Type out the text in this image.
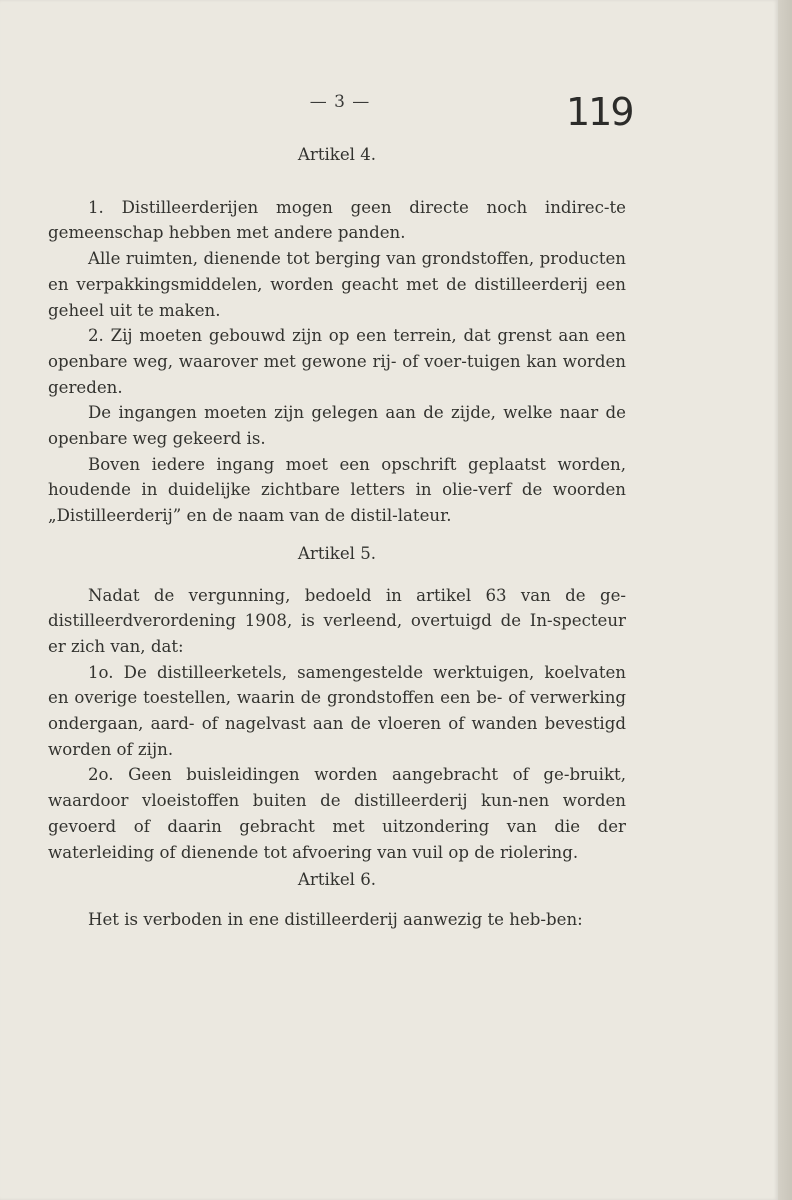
— 3 —	119

Artikel 4.

1. Distilleerderijen mogen geen directe noch indirec-te gemeenschap hebben met andere panden.

Alle ruimten, dienende tot berging van grondstoffen, producten en verpakkingsmiddelen, worden geacht met de distilleerderij een geheel uit te maken.

2. Zij moeten gebouwd zijn op een terrein, dat grenst aan een openbare weg, waarover met gewone rij- of voer-tuigen kan worden gereden.

De ingangen moeten zijn gelegen aan de zijde, welke naar de openbare weg gekeerd is.

Boven iedere ingang moet een opschrift geplaatst worden, houdende in duidelijke zichtbare letters in olie-verf de woorden „Distilleerderij” en de naam van de distil-lateur.

Artikel 5.

Nadat de vergunning, bedoeld in artikel 63 van de ge-distilleerdverordening 1908, is verleend, overtuigd de In-specteur er zich van, dat:

1o. De distilleerketels, samengestelde werktuigen, koelvaten en overige toestellen, waarin de grondstoffen een be- of verwerking ondergaan, aard- of nagelvast aan de vloeren of wanden bevestigd worden of zijn.

2o. Geen buisleidingen worden aangebracht of ge-bruikt, waardoor vloeistoffen buiten de distilleerderij kun-nen worden gevoerd of daarin gebracht met uitzondering van die der waterleiding of dienende tot afvoering van vuil op de riolering.

Artikel 6.

Het is verboden in ene distilleerderij aanwezig te heb-ben:
